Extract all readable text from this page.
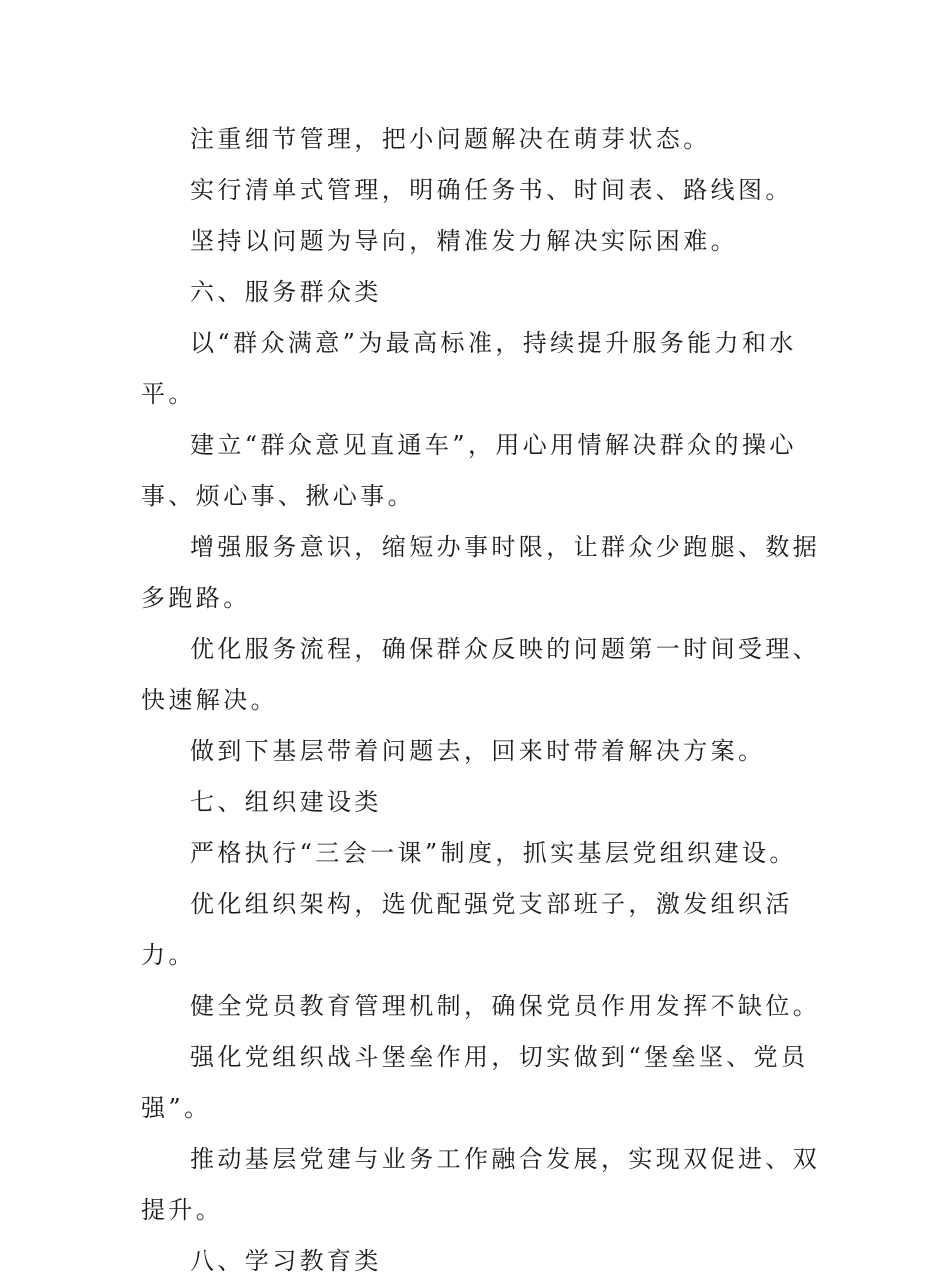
注重细节管理，把小问题解决在萌芽状态。

实行清单式管理，明确任务书、时间表、路线图。

坚持以问题为导向，精准发力解决实际困难。

六、服务群众类

以“群众满意”为最高标准，持续提升服务能力和水平。

建立“群众意见直通车”，用心用情解决群众的操心事、烦心事、揪心事。

增强服务意识，缩短办事时限，让群众少跑腿、数据多跑路。

优化服务流程，确保群众反映的问题第一时间受理、快速解决。

做到下基层带着问题去，回来时带着解决方案。

七、组织建设类

严格执行“三会一课”制度，抓实基层党组织建设。

优化组织架构，选优配强党支部班子，激发组织活力。

健全党员教育管理机制，确保党员作用发挥不缺位。

强化党组织战斗堡垒作用，切实做到“堡垒坚、党员强”。

推动基层党建与业务工作融合发展，实现双促进、双提升。

八、学习教育类
